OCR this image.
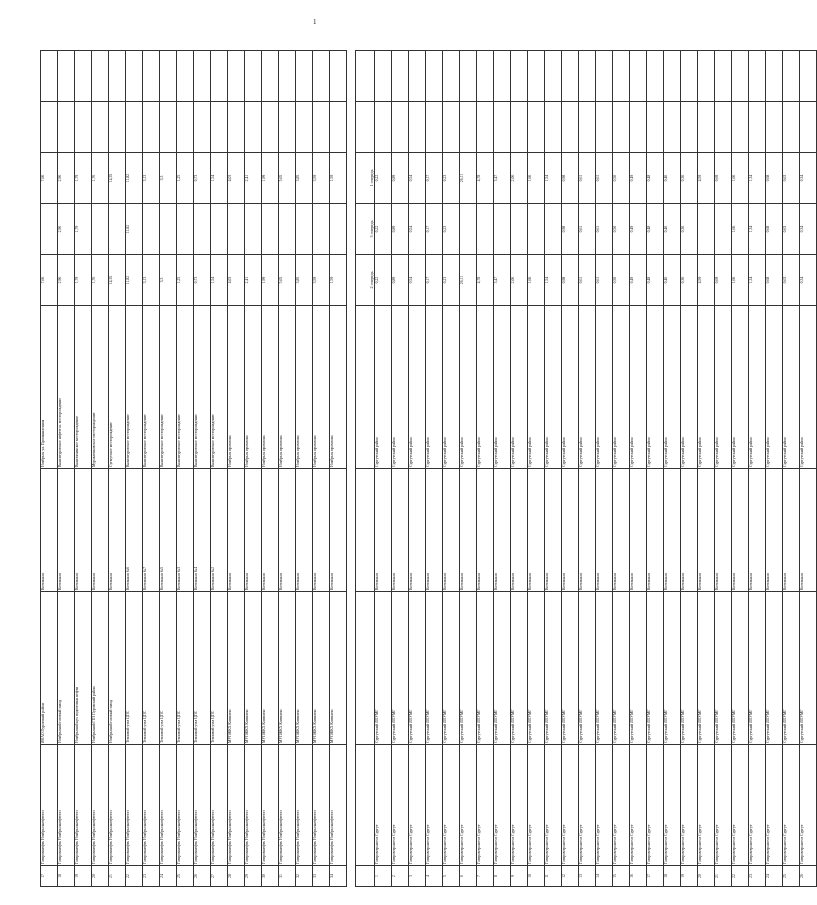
1
17	Газпромнефть Ноябрьскнефтегаз	ЯНАО Пуровский район	Котельная	Ноябрьск ул. Промышленная	7,66		7,66		
18	Газпромнефть Ноябрьскнефтегаз	Ноябрьский газовый завод	Котельная	Вынгапуровское нефтегаз. месторождение	2,96	2,96	2,96		
19	Газпромнефть Ноябрьскнефтегаз	Ноябрьский цех подготовки нефти	Котельная	Вынгаяхинское месторождение	1,79	1,79	1,79		
20	Газпромнефть Ноябрьскнефтегаз	Ноябрьский ГПЗ Пуровский район	Котельная	Муравленковское месторождение	1,76		1,76		
21	Газпромнефть Ноябрьскнефтегаз	Ноябрьский газовый завод	Котельная	Сугмутское месторождение	14,35		14,35		
22	Газпромнефть Ноябрьскнефтегаз	Тепловой узел ЦПС	Котельная №6	Вынгапуровское месторождение	11,82	11,82	11,82		
23	Газпромнефть Ноябрьскнефтегаз	Тепловой узел ЦПС	Котельная №7	Вынгапуровское месторождение	3,13		3,13		
24	Газпромнефть Ноябрьскнефтегаз	Тепловой узел ЦПС	Котельная №5	Вынгапуровское месторождение	3,3		3,3		
25	Газпромнефть Ноябрьскнефтегаз	Тепловой узел ЦПС	Котельная №3	Вынгапуровское месторождение	1,25		1,25		
26	Газпромнефть Ноябрьскнефтегаз	Тепловой узел ЦПС	Котельная №4	Вынгапуровское месторождение	0,73		0,73		
27	Газпромнефть Ноябрьскнефтегаз	Тепловой узел ЦПС	Котельная №2	Вынгапуровское месторождение	1,54		1,54		
28	Газпромнефть Ноябрьскнефтегаз	МУПЖКХ Комплекс	Котельная	Ноябрьск промзона	4,03		4,03		
29	Газпромнефть Ноябрьскнефтегаз	МУПЖКХ Комплекс	Котельная	Ноябрьск промзона	2,41		2,41		
30	Газпромнефть Ноябрьскнефтегаз	МУПЖКХ Комплекс	Котельная	Ноябрьск промзона	1,99		1,99		
31	Газпромнефть Ноябрьскнефтегаз	МУПЖКХ Комплекс	Котельная	Ноябрьск промзона	5,65		5,65		
32	Газпромнефть Ноябрьскнефтегаз	МУПЖКХ Комплекс	Котельная	Ноябрьск промзона	3,85		3,85		
33	Газпромнефть Ноябрьскнефтегаз	МУПЖКХ Комплекс	Котельная	Ноябрьск промзона	3,59		3,59		
34	Газпромнефть Ноябрьскнефтегаз	МУПЖКХ Комплекс	Котельная	Ноябрьск промзона	1,59		1,59		

					2 очередь	3 очередь	1 очередь		
1	Газпромтрансгаз Сургут	Сургутский ЛПУМГ	Котельная	Сургутский район	0,22	0,22	0,22		
2	Газпромтрансгаз Сургут	Сургутский ЛПУМГ	Котельная	Сургутский район	0,89	0,89	0,89		
3	Газпромтрансгаз Сургут	Сургутский ЛПУМГ	Котельная	Сургутский район	0,54	0,54	0,54		
4	Газпромтрансгаз Сургут	Сургутский ЛПУМГ	Котельная	Сургутский район	0,17	0,17	0,17		
5	Газпромтрансгаз Сургут	Сургутский ЛПУМГ	Котельная	Сургутский район	0,23	0,23	0,23		
6	Газпромтрансгаз Сургут	Сургутский ЛПУМГ	Котельная	Сургутский район	26,11		26,11		
7	Газпромтрансгаз Сургут	Сургутский ЛПУМГ	Котельная	Сургутский район	4,78		4,78		
8	Газпромтрансгаз Сургут	Сургутский ЛПУМГ	Котельная	Сургутский район	3,47		3,47		
9	Газпромтрансгаз Сургут	Сургутский ЛПУМГ	Котельная	Сургутский район	2,06		2,06		
10	Газпромтрансгаз Сургут	Сургутский ЛПУМГ	Котельная	Сургутский район	1,66		1,66		
11	Газпромтрансгаз Сургут	Сургутский ЛПУМГ	Котельная	Сургутский район	1,54		1,54		
12	Газпромтрансгаз Сургут	Сургутский ЛПУМГ	Котельная	Сургутский район	0,98	0,98	0,98		
13	Газпромтрансгаз Сургут	Сургутский ЛПУМГ	Котельная	Сургутский район	0,61	0,61	0,61		
14	Газпромтрансгаз Сургут	Сургутский ЛПУМГ	Котельная	Сургутский район	0,61	0,61	0,61		
15	Газпромтрансгаз Сургут	Сургутский ЛПУМГ	Котельная	Сургутский район	0,50	0,50	0,50		
16	Газпромтрансгаз Сургут	Сургутский ЛПУМГ	Котельная	Сургутский район	0,49	0,49	0,49		
17	Газпромтрансгаз Сургут	Сургутский ЛПУМГ	Котельная	Сургутский район	0,48	0,48	0,48		
18	Газпромтрансгаз Сургут	Сургутский ЛПУМГ	Котельная	Сургутский район	0,46	0,46	0,46		
19	Газпромтрансгаз Сургут	Сургутский ЛПУМГ	Котельная	Сургутский район	0,36	0,36	0,36		
20	Газпромтрансгаз Сургут	Сургутский ЛПУМГ	Котельная	Сургутский район	4,59		4,59		
21	Газпромтрансгаз Сургут	Сургутский ЛПУМГ	Котельная	Сургутский район	0,69		0,69		
22	Газпромтрансгаз Сургут	Сургутский ЛПУМГ	Котельная	Сургутский район	1,66	1,66	1,66		
23	Газпромтрансгаз Сургут	Сургутский ЛПУМГ	Котельная	Сургутский район	1,34	1,34	1,34		
24	Газпромтрансгаз Сургут	Сургутский ЛПУМГ	Котельная	Сургутский район	0,68	0,68	0,68		
25	Газпромтрансгаз Сургут	Сургутский ЛПУМГ	Котельная	Сургутский район	0,63	0,63	0,63		
26	Газпромтрансгаз Сургут	Сургутский ЛПУМГ	Котельная	Сургутский район	0,34	0,34	0,34		
